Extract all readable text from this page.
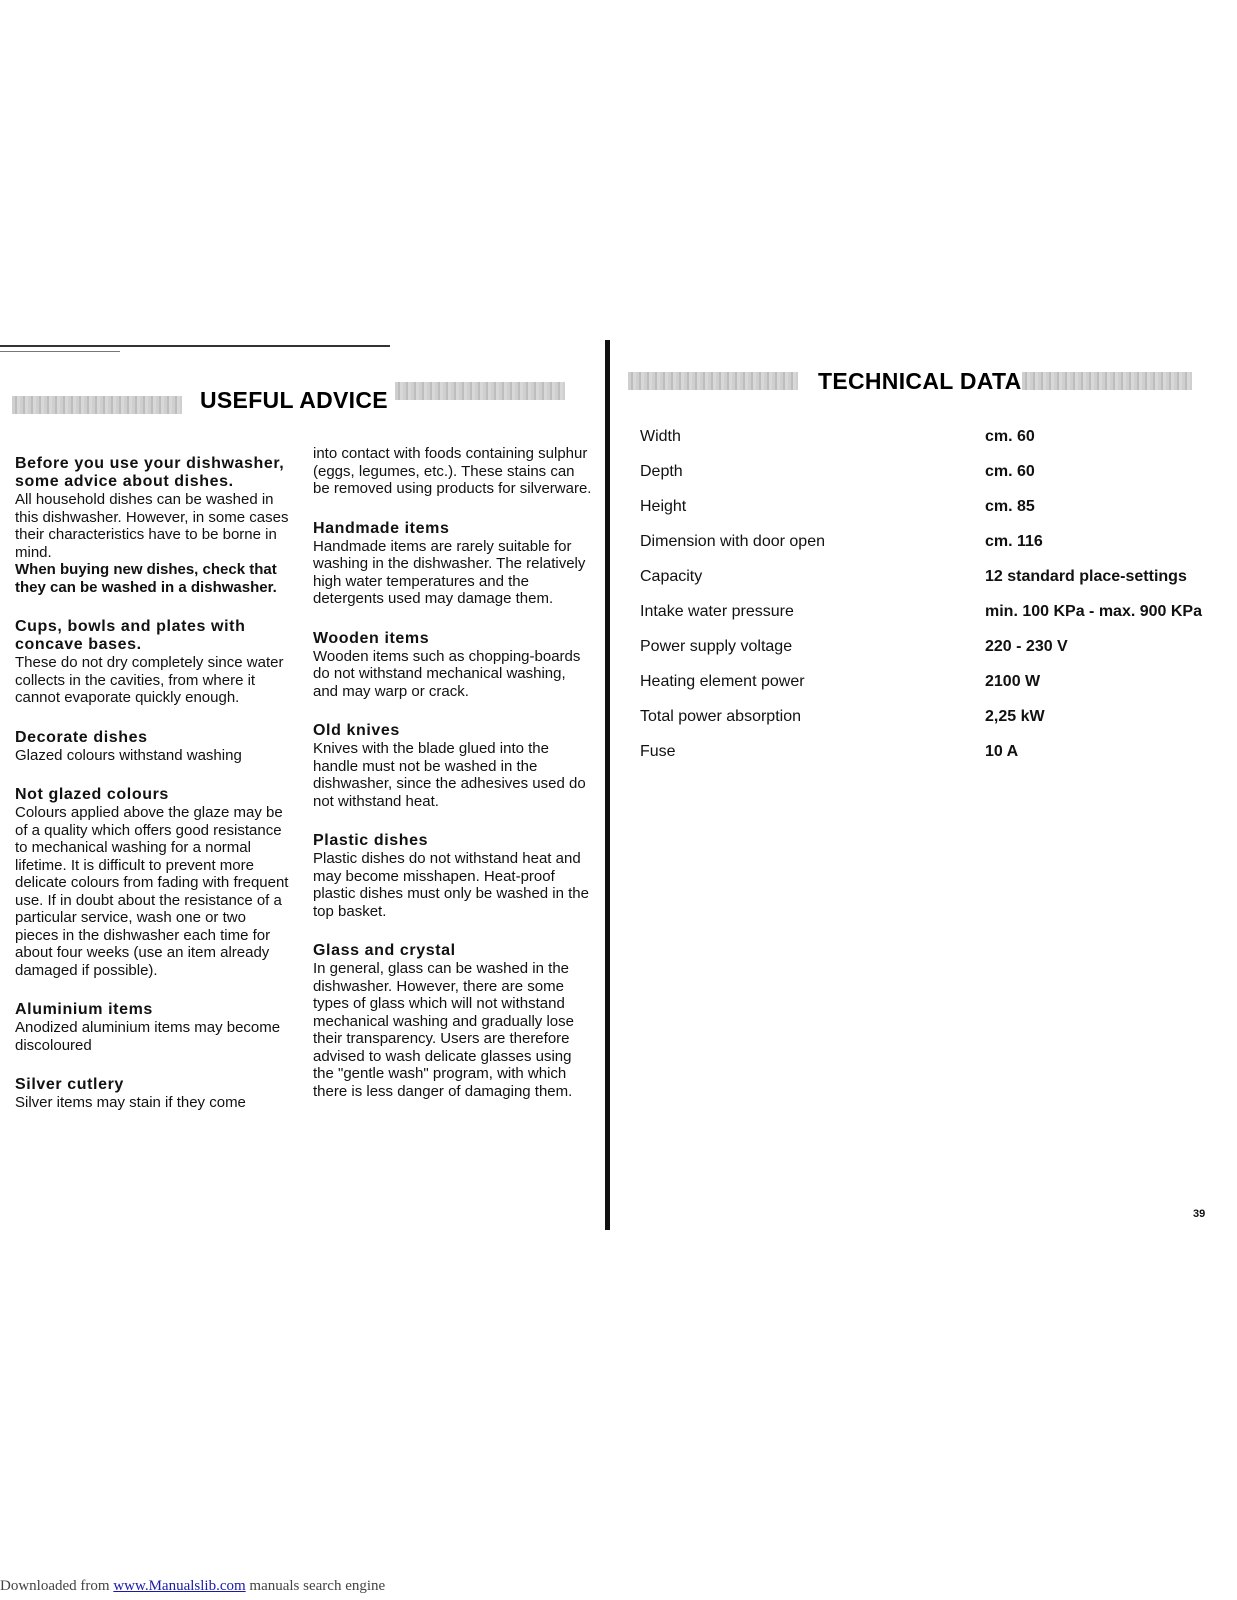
USEFUL ADVICE
Before you use your dishwasher, some advice about dishes.

All household dishes can be washed in this dishwasher. However, in some cases their characteristics have to be borne in mind.

When buying new dishes, check that they can be washed in a dishwasher.

Cups, bowls and plates with concave bases.

These do not dry completely since water collects in the cavities, from where it cannot evaporate quickly enough.

Decorate dishes

Glazed colours withstand washing

Not glazed colours

Colours applied above the glaze may be of a quality which offers good resistance to mechanical washing for a normal lifetime. It is difficult to prevent more delicate colours from fading with frequent use. If in doubt about the resistance of a particular service, wash one or two pieces in the dishwasher each time for about four weeks (use an item already damaged if possible).

Aluminium items

Anodized aluminium items may become discoloured

Silver cutlery

Silver items may stain if they come

into contact with foods containing sulphur (eggs, legumes, etc.). These stains can be removed using products for silverware.

Handmade items

Handmade items are rarely suitable for washing in the dishwasher. The relatively high water temperatures and the detergents used may damage them.

Wooden items

Wooden items such as chopping-boards do not withstand mechanical washing, and may warp or crack.

Old knives

Knives with the blade glued into the handle must not be washed in the dishwasher, since the adhesives used do not withstand heat.

Plastic dishes

Plastic dishes do not withstand heat and may become misshapen. Heat-proof plastic dishes must only be washed in the top basket.

Glass and crystal

In general, glass can be washed in the dishwasher. However, there are some types of glass which will not withstand mechanical washing and gradually lose their transparency. Users are therefore advised to wash delicate glasses using the "gentle wash" program, with which there is less danger of damaging them.

TECHNICAL DATA
Width	cm. 60
Depth	cm. 60
Height	cm. 85
Dimension with door open	cm. 116
Capacity	12 standard place-settings
Intake water pressure	min. 100 KPa - max. 900 KPa
Power supply voltage	220 - 230 V
Heating element power	2100 W
Total power absorption	2,25 kW
Fuse	10 A
39
Downloaded from www.Manualslib.com manuals search engine
